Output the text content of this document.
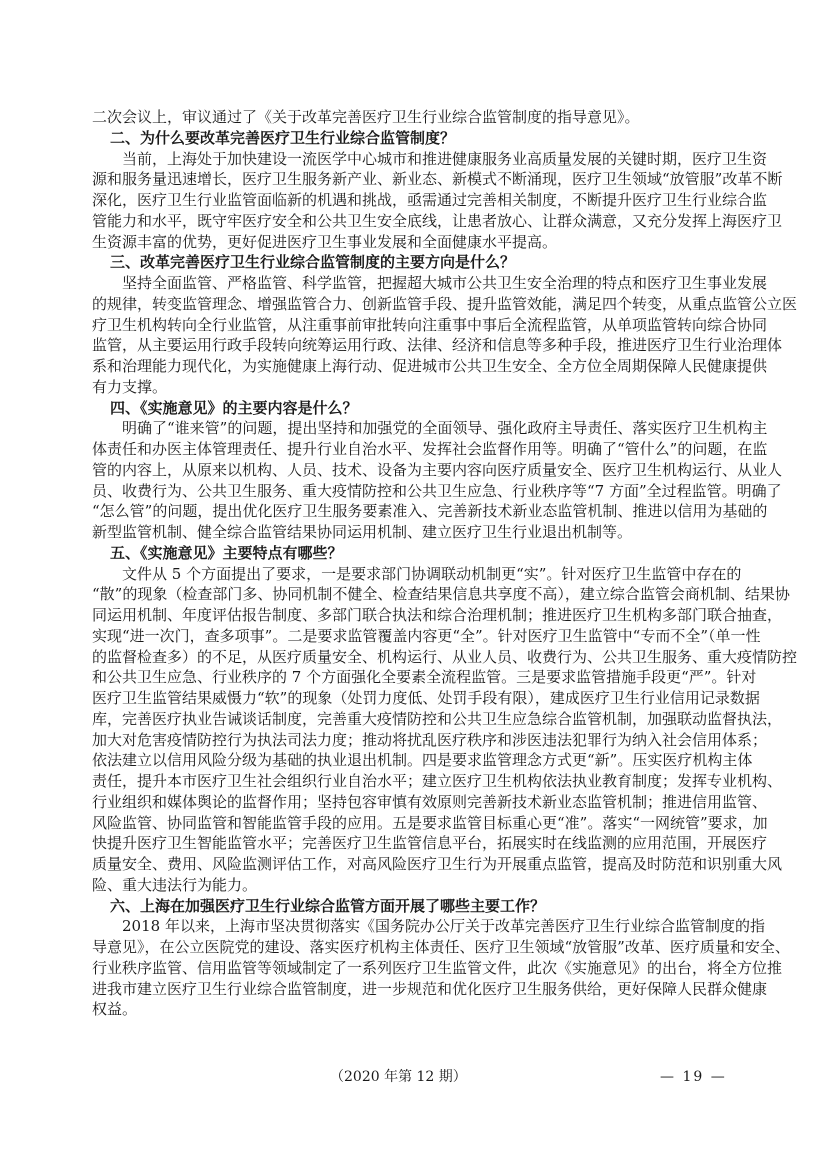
二次会议上，审议通过了《关于改革完善医疗卫生行业综合监管制度的指导意见》。
二、为什么要改革完善医疗卫生行业综合监管制度？
当前，上海处于加快建设一流医学中心城市和推进健康服务业高质量发展的关键时期，医疗卫生资
源和服务量迅速增长，医疗卫生服务新产业、新业态、新模式不断涌现，医疗卫生领域“放管服”改革不断
深化，医疗卫生行业监管面临新的机遇和挑战，亟需通过完善相关制度，不断提升医疗卫生行业综合监
管能力和水平，既守牢医疗安全和公共卫生安全底线，让患者放心、让群众满意，又充分发挥上海医疗卫
生资源丰富的优势，更好促进医疗卫生事业发展和全面健康水平提高。
三、改革完善医疗卫生行业综合监管制度的主要方向是什么？
坚持全面监管、严格监管、科学监管，把握超大城市公共卫生安全治理的特点和医疗卫生事业发展
的规律，转变监管理念、增强监管合力、创新监管手段、提升监管效能，满足四个转变，从重点监管公立医
疗卫生机构转向全行业监管，从注重事前审批转向注重事中事后全流程监管，从单项监管转向综合协同
监管，从主要运用行政手段转向统筹运用行政、法律、经济和信息等多种手段，推进医疗卫生行业治理体
系和治理能力现代化，为实施健康上海行动、促进城市公共卫生安全、全方位全周期保障人民健康提供
有力支撑。
四、《实施意见》的主要内容是什么？
明确了“谁来管”的问题，提出坚持和加强党的全面领导、强化政府主导责任、落实医疗卫生机构主
体责任和办医主体管理责任、提升行业自治水平、发挥社会监督作用等。明确了“管什么”的问题，在监
管的内容上，从原来以机构、人员、技术、设备为主要内容向医疗质量安全、医疗卫生机构运行、从业人
员、收费行为、公共卫生服务、重大疫情防控和公共卫生应急、行业秩序等“7 方面”全过程监管。明确了
“怎么管”的问题，提出优化医疗卫生服务要素准入、完善新技术新业态监管机制、推进以信用为基础的
新型监管机制、健全综合监管结果协同运用机制、建立医疗卫生行业退出机制等。
五、《实施意见》主要特点有哪些？
文件从 5 个方面提出了要求，一是要求部门协调联动机制更“实”。针对医疗卫生监管中存在的
“散”的现象（检查部门多、协同机制不健全、检查结果信息共享度不高），建立综合监管会商机制、结果协
同运用机制、年度评估报告制度、多部门联合执法和综合治理机制；推进医疗卫生机构多部门联合抽查，
实现“进一次门，查多项事”。二是要求监管覆盖内容更“全”。针对医疗卫生监管中“专而不全”（单一性
的监督检查多）的不足，从医疗质量安全、机构运行、从业人员、收费行为、公共卫生服务、重大疫情防控
和公共卫生应急、行业秩序的 7 个方面强化全要素全流程监管。三是要求监管措施手段更“严”。针对
医疗卫生监管结果威慑力“软”的现象（处罚力度低、处罚手段有限），建成医疗卫生行业信用记录数据
库，完善医疗执业告诫谈话制度，完善重大疫情防控和公共卫生应急综合监管机制，加强联动监督执法，
加大对危害疫情防控行为执法司法力度；推动将扰乱医疗秩序和涉医违法犯罪行为纳入社会信用体系；
依法建立以信用风险分级为基础的执业退出机制。四是要求监管理念方式更“新”。压实医疗机构主体
责任，提升本市医疗卫生社会组织行业自治水平；建立医疗卫生机构依法执业教育制度；发挥专业机构、
行业组织和媒体舆论的监督作用；坚持包容审慎有效原则完善新技术新业态监管机制；推进信用监管、
风险监管、协同监管和智能监管手段的应用。五是要求监管目标重心更“准”。落实“一网统管”要求，加
快提升医疗卫生智能监管水平；完善医疗卫生监管信息平台，拓展实时在线监测的应用范围，开展医疗
质量安全、费用、风险监测评估工作，对高风险医疗卫生行为开展重点监管，提高及时防范和识别重大风
险、重大违法行为能力。
六、上海在加强医疗卫生行业综合监管方面开展了哪些主要工作？
2018 年以来，上海市坚决贯彻落实《国务院办公厅关于改革完善医疗卫生行业综合监管制度的指
导意见》，在公立医院党的建设、落实医疗机构主体责任、医疗卫生领域“放管服”改革、医疗质量和安全、
行业秩序监管、信用监管等领域制定了一系列医疗卫生监管文件，此次《实施意见》的出台，将全方位推
进我市建立医疗卫生行业综合监管制度，进一步规范和优化医疗卫生服务供给，更好保障人民群众健康
权益。
（2020 年第 12 期）	— 19 —
